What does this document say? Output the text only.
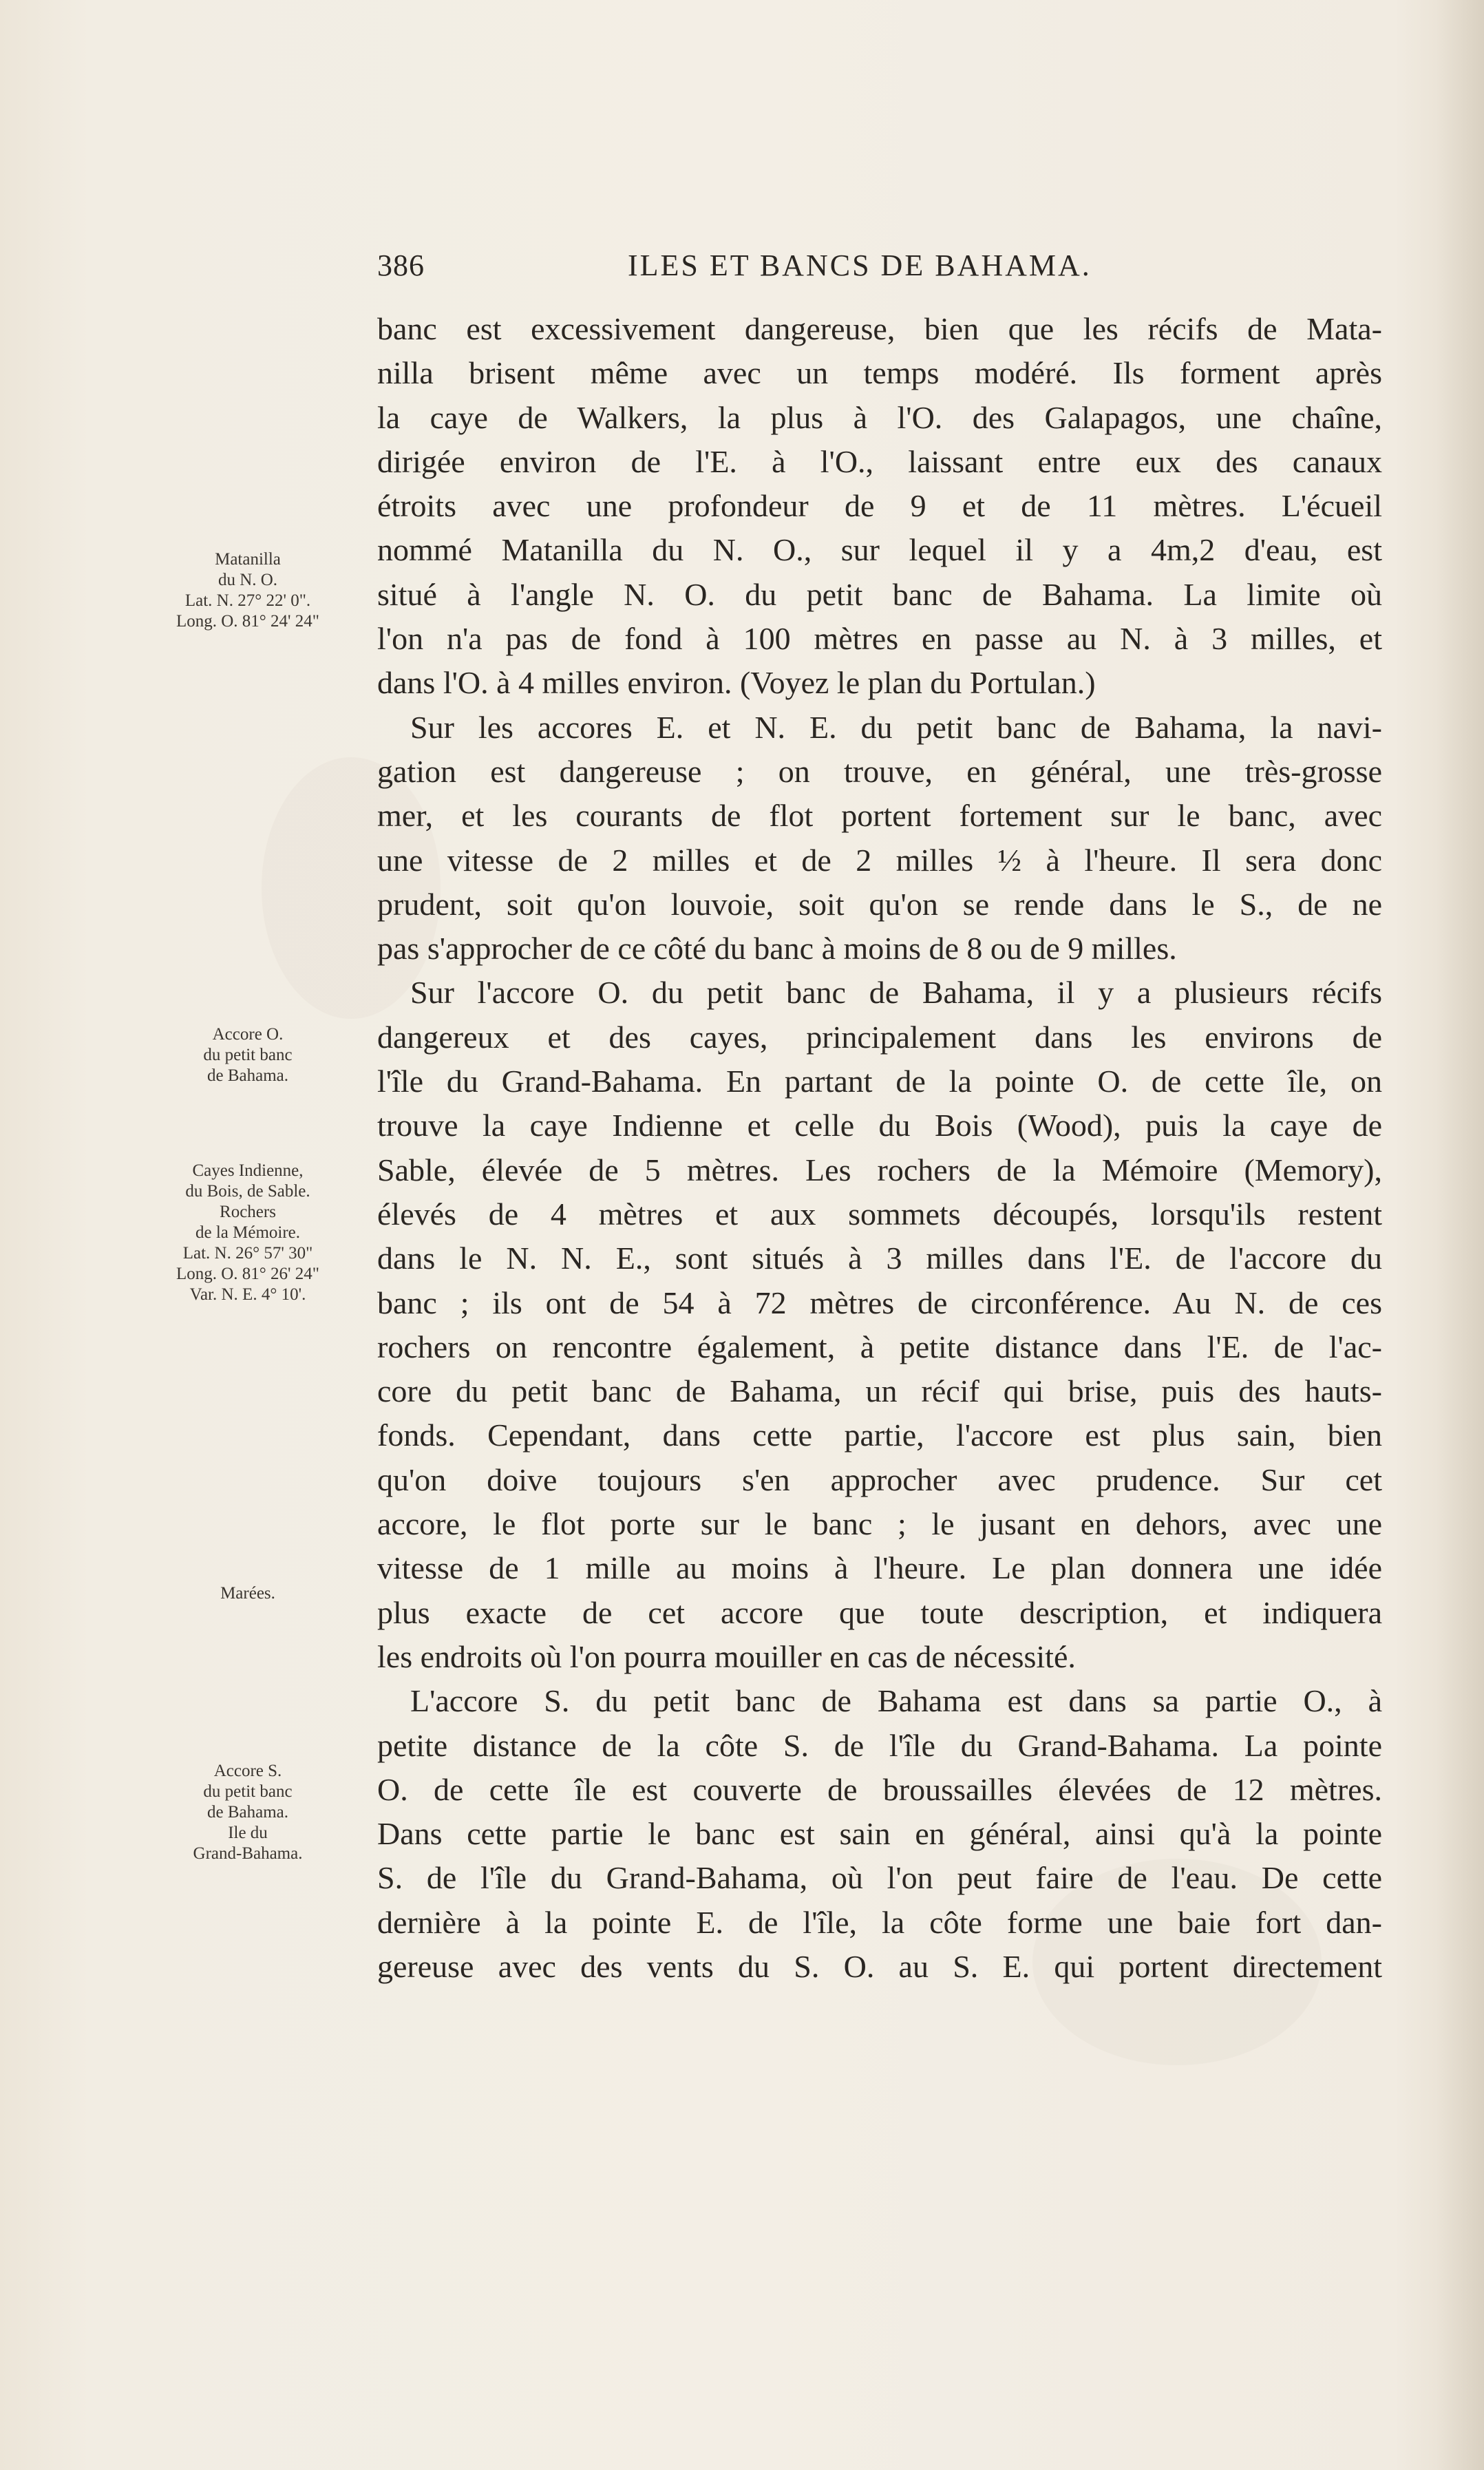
386	ILES ET BANCS DE BAHAMA.
banc est excessivement dangereuse, bien que les récifs de Mata-
nilla brisent même avec un temps modéré. Ils forment après
la caye de Walkers, la plus à l'O. des Galapagos, une chaîne,
dirigée environ de l'E. à l'O., laissant entre eux des canaux
étroits avec une profondeur de 9 et de 11 mètres. L'écueil
nommé Matanilla du N. O., sur lequel il y a 4m,2 d'eau, est
situé à l'angle N. O. du petit banc de Bahama. La limite où
l'on n'a pas de fond à 100 mètres en passe au N. à 3 milles, et
dans l'O. à 4 milles environ. (Voyez le plan du Portulan.)
Sur les accores E. et N. E. du petit banc de Bahama, la navi-
gation est dangereuse ; on trouve, en général, une très-grosse
mer, et les courants de flot portent fortement sur le banc, avec
une vitesse de 2 milles et de 2 milles ½ à l'heure. Il sera donc
prudent, soit qu'on louvoie, soit qu'on se rende dans le S., de ne
pas s'approcher de ce côté du banc à moins de 8 ou de 9 milles.
Sur l'accore O. du petit banc de Bahama, il y a plusieurs récifs
dangereux et des cayes, principalement dans les environs de
l'île du Grand-Bahama. En partant de la pointe O. de cette île, on
trouve la caye Indienne et celle du Bois (Wood), puis la caye de
Sable, élevée de 5 mètres. Les rochers de la Mémoire (Memory),
élevés de 4 mètres et aux sommets découpés, lorsqu'ils restent
dans le N. N. E., sont situés à 3 milles dans l'E. de l'accore du
banc ; ils ont de 54 à 72 mètres de circonférence. Au N. de ces
rochers on rencontre également, à petite distance dans l'E. de l'ac-
core du petit banc de Bahama, un récif qui brise, puis des hauts-
fonds. Cependant, dans cette partie, l'accore est plus sain, bien
qu'on doive toujours s'en approcher avec prudence. Sur cet
accore, le flot porte sur le banc ; le jusant en dehors, avec une
vitesse de 1 mille au moins à l'heure. Le plan donnera une idée
plus exacte de cet accore que toute description, et indiquera
les endroits où l'on pourra mouiller en cas de nécessité.
L'accore S. du petit banc de Bahama est dans sa partie O., à
petite distance de la côte S. de l'île du Grand-Bahama. La pointe
O. de cette île est couverte de broussailles élevées de 12 mètres.
Dans cette partie le banc est sain en général, ainsi qu'à la pointe
S. de l'île du Grand-Bahama, où l'on peut faire de l'eau. De cette
dernière à la pointe E. de l'île, la côte forme une baie fort dan-
gereuse avec des vents du S. O. au S. E. qui portent directement
Matanilla
du N. O.
Lat. N. 27° 22' 0".
Long. O. 81° 24' 24"
Accore O.
du petit banc
de Bahama.
Cayes Indienne,
du Bois, de Sable.
Rochers
de la Mémoire.
Lat. N. 26° 57' 30"
Long. O. 81° 26' 24"
Var. N. E. 4° 10'.
Marées.
Accore S.
du petit banc
de Bahama.
Ile du
Grand-Bahama.
